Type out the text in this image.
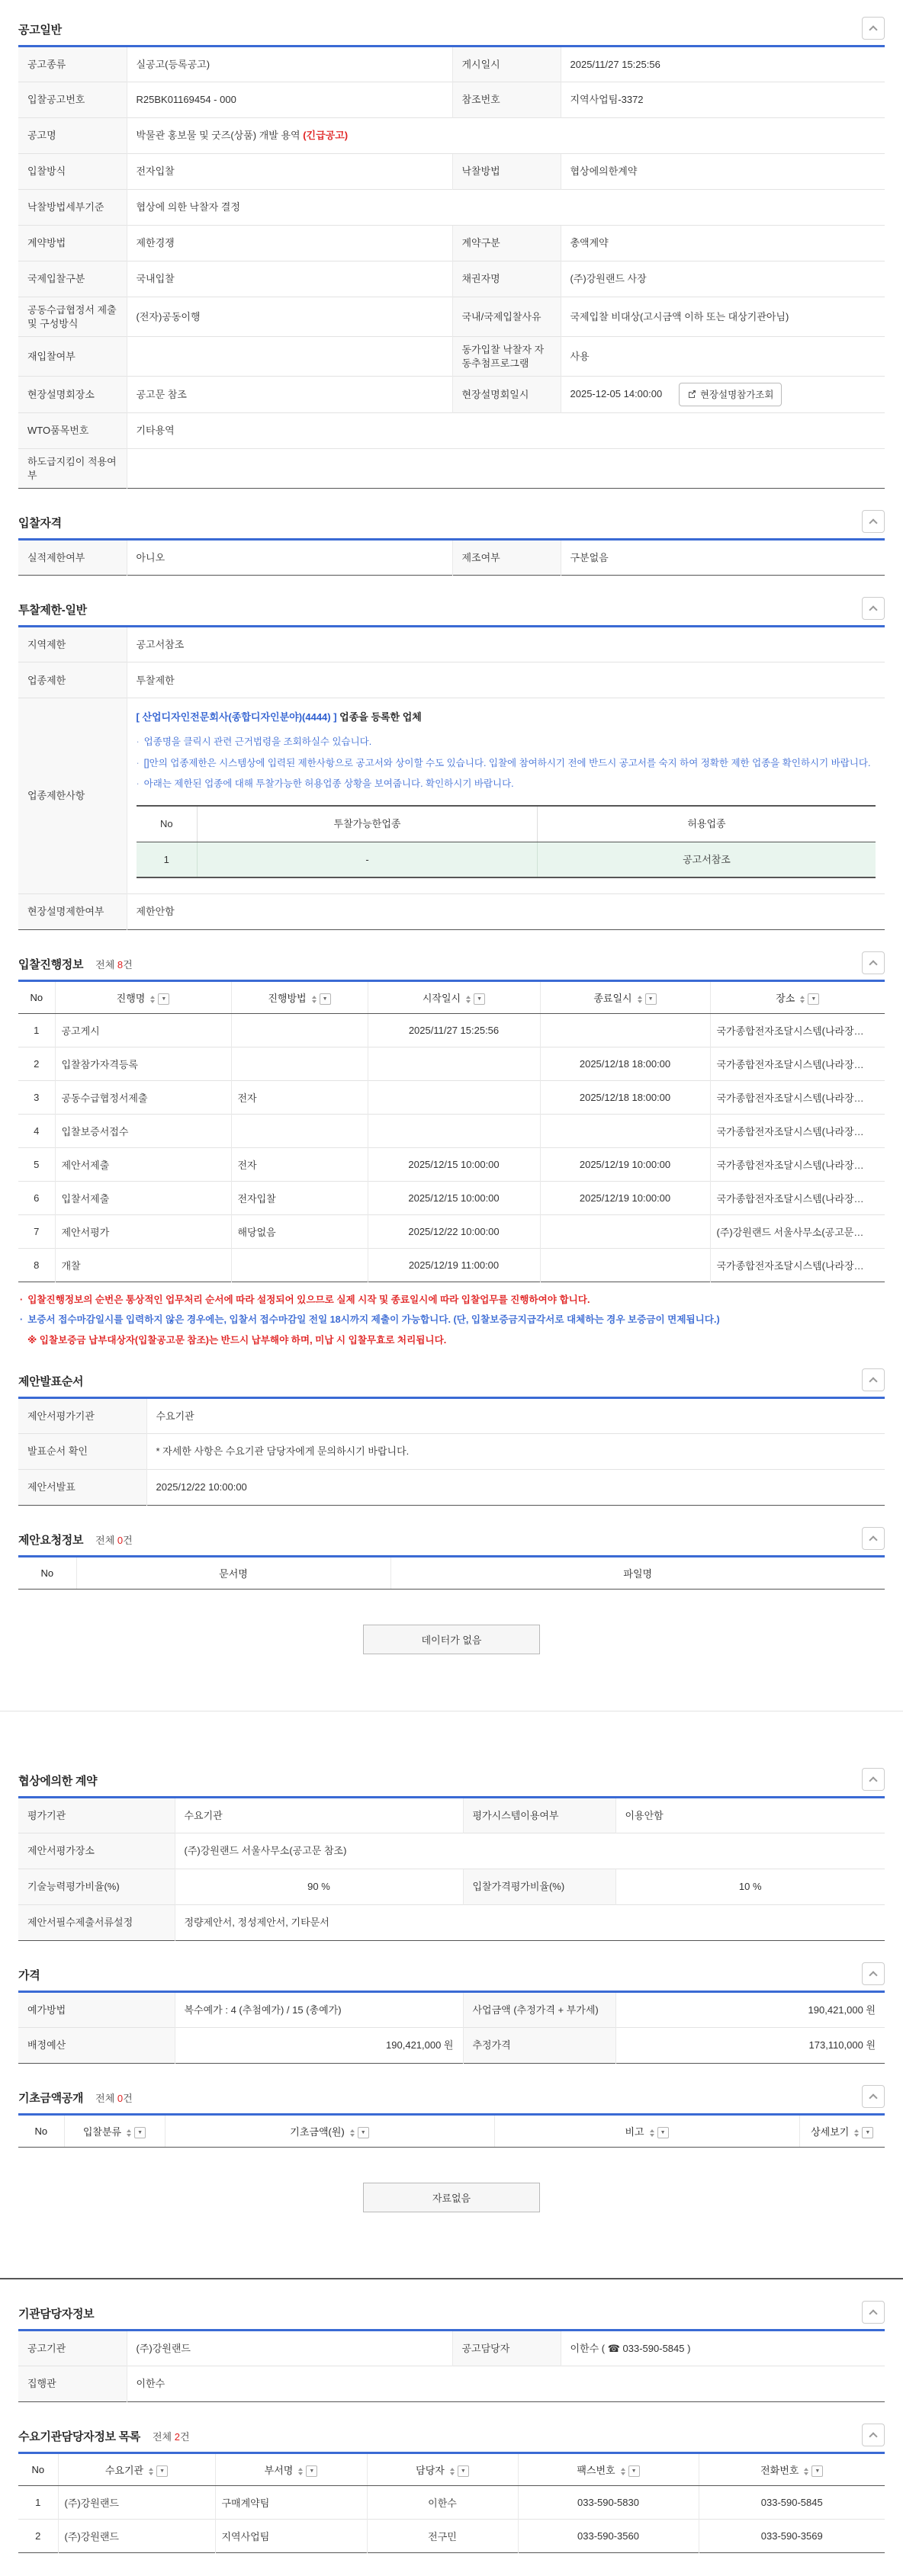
공고일반
공고종류	실공고(등록공고)	게시일시	2025/11/27 15:25:56
입찰공고번호	R25BK01169454 - 000	참조번호	지역사업팀-3372
공고명	박물관 홍보물 및 굿즈(상품) 개발 용역 (긴급공고)		
입찰방식	전자입찰	낙찰방법	협상에의한계약
낙찰방법세부기준	협상에 의한 낙찰자 결정		
계약방법	제한경쟁	계약구분	총액계약
국제입찰구분	국내입찰	채권자명	(주)강원랜드 사장
공동수급협정서 제출 및 구성방식	(전자)공동이행	국내/국제입찰사유	국제입찰 비대상(고시금액 이하 또는 대상기관아님)
재입찰여부		동가입찰 낙찰자 자동추첨프로그램	사용
현장설명회장소	공고문 참조	현장설명회일시	2025-12-05 14:00:00 현장설명참가조회

WTO품목번호	기타용역		
하도급지킴이 적용여부			
입찰자격
실적제한여부	아니오	제조여부	구분없음
투찰제한-일반
지역제한	공고서참조
업종제한	투찰제한
업종제한사항	
[ 산업디자인전문회사(종합디자인분야)(4444) ] 업종을 등록한 업체
· 업종명을 클릭시 관련 근거법령을 조회하실수 있습니다.
· []안의 업종제한은 시스템상에 입력된 제한사항으로 공고서와 상이할 수도 있습니다. 입찰에 참여하시기 전에 반드시 공고서를 숙지 하여 정확한 제한 업종을 확인하시기 바랍니다.
· 아래는 제한된 업종에 대해 투찰가능한 허용업종 상황을 보여줍니다. 확인하시기 바랍니다.
No	투찰가능한업종	허용업종
1	-	공고서참조

현장설명제한여부	제한안함
입찰진행정보 전체 8건
No	진행명 ▼	진행방법 ▼	시작일시 ▼	종료일시 ▼	장소 ▼

1	공고게시		2025/11/27 15:25:56		국가종합전자조달시스템(나라장…
2	입찰참가자격등록			2025/12/18 18:00:00	국가종합전자조달시스템(나라장…
3	공동수급협정서제출	전자		2025/12/18 18:00:00	국가종합전자조달시스템(나라장…
4	입찰보증서접수				국가종합전자조달시스템(나라장…
5	제안서제출	전자	2025/12/15 10:00:00	2025/12/19 10:00:00	국가종합전자조달시스템(나라장…
6	입찰서제출	전자입찰	2025/12/15 10:00:00	2025/12/19 10:00:00	국가종합전자조달시스템(나라장…
7	제안서평가	해당없음	2025/12/22 10:00:00		(주)강원랜드 서울사무소(공고문…
8	개찰		2025/12/19 11:00:00		국가종합전자조달시스템(나라장…
· 입찰진행정보의 순번은 통상적인 업무처리 순서에 따라 설정되어 있으므로 실제 시작 및 종료일시에 따라 입찰업무를 진행하여야 합니다.
· 보증서 접수마감일시를 입력하지 않은 경우에는, 입찰서 접수마감일 전일 18시까지 제출이 가능합니다. (단, 입찰보증금지급각서로 대체하는 경우 보증금이 면제됩니다.)
※ 입찰보증금 납부대상자(입찰공고문 참조)는 반드시 납부해야 하며, 미납 시 입찰무효로 처리됩니다.
제안발표순서
제안서평가기관	수요기관
발표순서 확인	* 자세한 사항은 수요기관 담당자에게 문의하시기 바랍니다.
제안서발표	2025/12/22 10:00:00
제안요청정보 전체 0건
No	문서명	파일명
데이터가 없음
협상에의한 계약
평가기관	수요기관	평가시스템이용여부	이용안함
제안서평가장소	(주)강원랜드 서울사무소(공고문 참조)		
기술능력평가비율(%)	90 %	입찰가격평가비율(%)	10 %
제안서필수제출서류설정	정량제안서, 정성제안서, 기타문서		
가격
예가방법	복수예가 : 4 (추첨예가) / 15 (총예가)	사업금액 (추정가격 + 부가세)	190,421,000 원
배정예산	190,421,000 원	추정가격	173,110,000 원
기초금액공개 전체 0건
No	입찰분류	▼	기초금액(원)	▼	비고	▼	상세보기	▼
자료없음
기관담당자정보
공고기관	(주)강원랜드	공고담당자	이한수 ( ☎ 033-590-5845 )
집행관	이한수		
수요기관담당자정보 목록 전체 2건
No	수요기관 ▼	부서명 ▼	담당자 ▼	팩스번호 ▼	전화번호 ▼

1	(주)강원랜드	구매계약팀	이한수	033-590-5830	033-590-5845
2	(주)강원랜드	지역사업팀	전구민	033-590-3560	033-590-3569
